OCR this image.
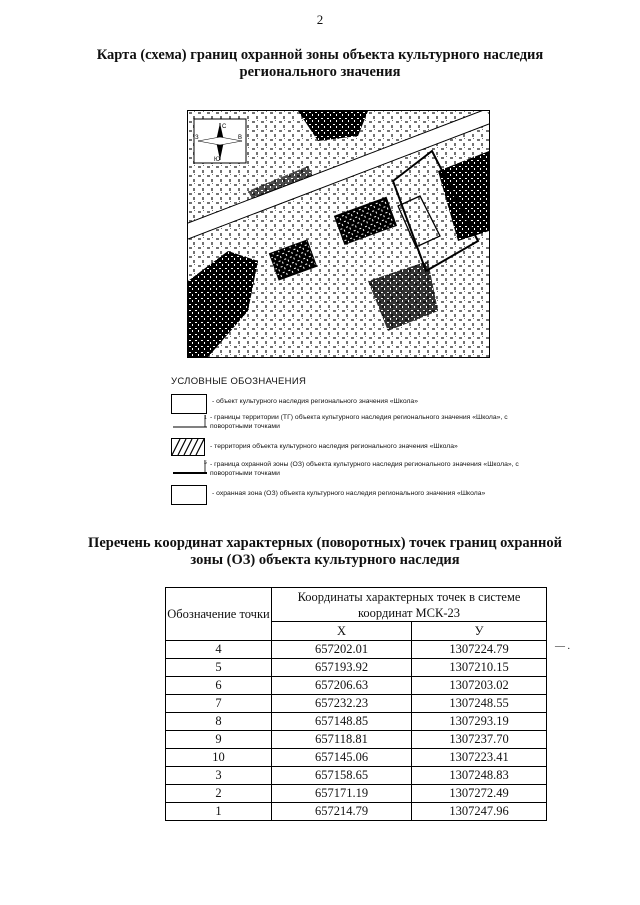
2
Карта (схема) границ охранной зоны объекта культурного наследия регионального значения
З	В
С
Ю
УСЛОВНЫЕ ОБОЗНАЧЕНИЯ
- объект культурного наследия регионального значения «Школа»
1 - границы территории (ТГ) объекта культурного наследия регионального значения «Школа», с поворотными точками
- территория объекта культурного наследия регионального значения «Школа»
5 - граница охранной зоны (ОЗ) объекта культурного наследия регионального значения «Школа», с поворотными точками
- охранная зона (ОЗ) объекта культурного наследия регионального значения «Школа»
Перечень координат характерных (поворотных) точек границ охранной зоны (ОЗ) объекта культурного наследия
Обозначение точки	Координаты характерных точек в системе координат МСК-23	
	Х	У
4	657202.01	1307224.79
5	657193.92	1307210.15
6	657206.63	1307203.02
7	657232.23	1307248.55
8	657148.85	1307293.19
9	657118.81	1307237.70
10	657145.06	1307223.41
3	657158.65	1307248.83
2	657171.19	1307272.49
1	657214.79	1307247.96
— .
